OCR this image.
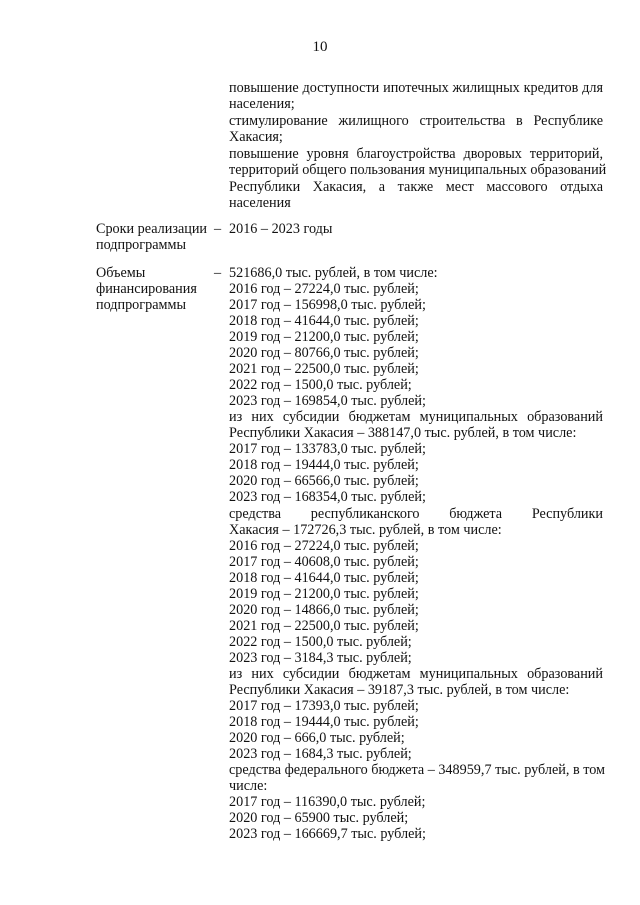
10
повышение доступности ипотечных жилищных кредитов для
населения;
стимулирование жилищного строительства в Республике
Хакасия;
повышение уровня благоустройства дворовых территорий,
территорий общего пользования муниципальных образований
Республики Хакасия, а также мест массового отдыха
населения
Сроки реализации
подпрограммы
– 2016 – 2023 годы
Объемы
финансирования
подпрограммы
– 521686,0 тыс. рублей, в том числе:
2016 год – 27224,0 тыс. рублей;
2017 год – 156998,0 тыс. рублей;
2018 год – 41644,0 тыс. рублей;
2019 год – 21200,0 тыс. рублей;
2020 год – 80766,0 тыс. рублей;
2021 год – 22500,0 тыс. рублей;
2022 год – 1500,0 тыс. рублей;
2023 год – 169854,0 тыс. рублей;
из них субсидии бюджетам муниципальных образований
Республики Хакасия – 388147,0 тыс. рублей, в том числе:
2017 год – 133783,0 тыс. рублей;
2018 год – 19444,0 тыс. рублей;
2020 год – 66566,0 тыс. рублей;
2023 год – 168354,0 тыс. рублей;
средства республиканского бюджета Республики
Хакасия – 172726,3 тыс. рублей, в том числе:
2016 год – 27224,0 тыс. рублей;
2017 год – 40608,0 тыс. рублей;
2018 год – 41644,0 тыс. рублей;
2019 год – 21200,0 тыс. рублей;
2020 год – 14866,0 тыс. рублей;
2021 год – 22500,0 тыс. рублей;
2022 год – 1500,0 тыс. рублей;
2023 год – 3184,3 тыс. рублей;
из них субсидии бюджетам муниципальных образований
Республики Хакасия – 39187,3 тыс. рублей, в том числе:
2017 год – 17393,0 тыс. рублей;
2018 год – 19444,0 тыс. рублей;
2020 год – 666,0 тыс. рублей;
2023 год – 1684,3 тыс. рублей;
средства федерального бюджета – 348959,7 тыс. рублей, в том
числе:
2017 год – 116390,0 тыс. рублей;
2020 год – 65900 тыс. рублей;
2023 год – 166669,7 тыс. рублей;
